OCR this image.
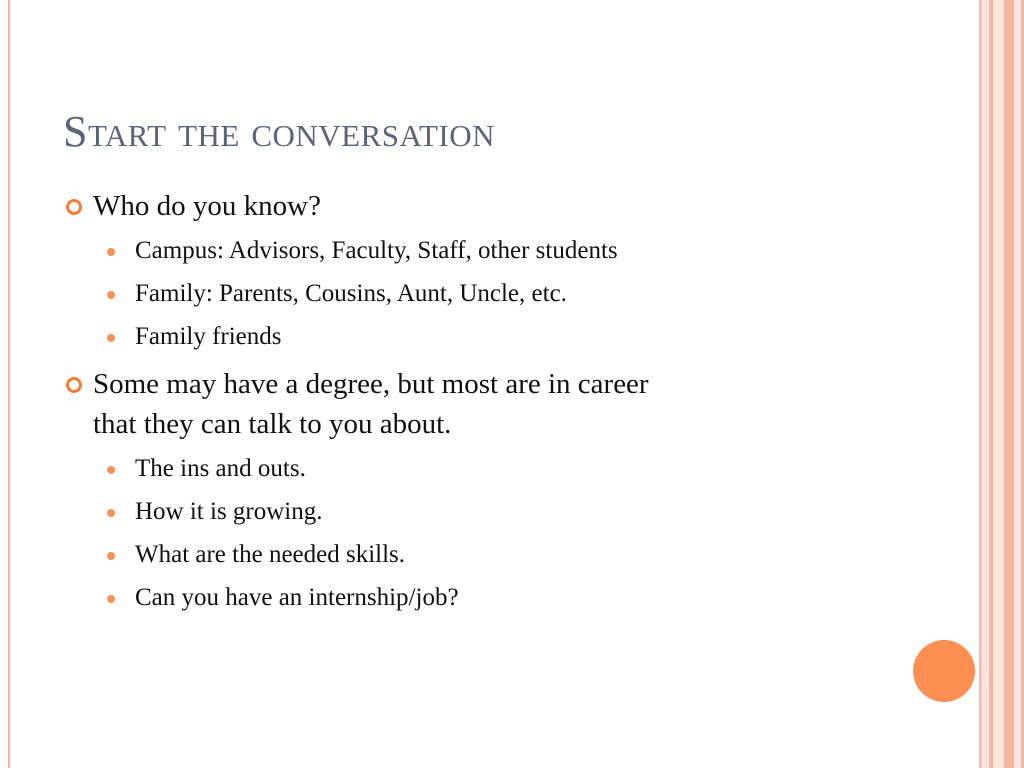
Start the conversation
Who do you know?
Campus: Advisors, Faculty, Staff, other students
Family: Parents, Cousins, Aunt, Uncle, etc.
Family friends
Some may have a degree, but most are in career
that they can talk to you about.
The ins and outs.
How it is growing.
What are the needed skills.
Can you have an internship/job?
